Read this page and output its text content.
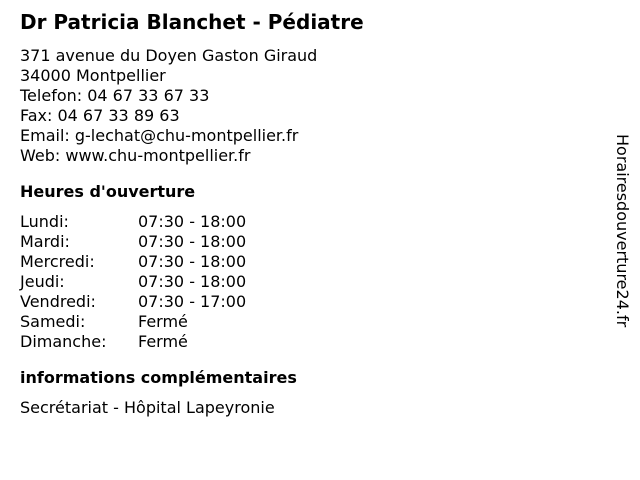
Dr Patricia Blanchet - Pédiatre
371 avenue du Doyen Gaston Giraud
34000 Montpellier
Telefon: 04 67 33 67 33
Fax: 04 67 33 89 63
Email: g-lechat@chu-montpellier.fr
Web: www.chu-montpellier.fr
Heures d'ouverture
Lundi:	07:30 - 18:00
Mardi:	07:30 - 18:00
Mercredi:	07:30 - 18:00
Jeudi:	07:30 - 18:00
Vendredi:	07:30 - 17:00
Samedi:	Fermé
Dimanche:	Fermé
informations complémentaires
Secrétariat - Hôpital Lapeyronie
Horairesdouverture24.fr
